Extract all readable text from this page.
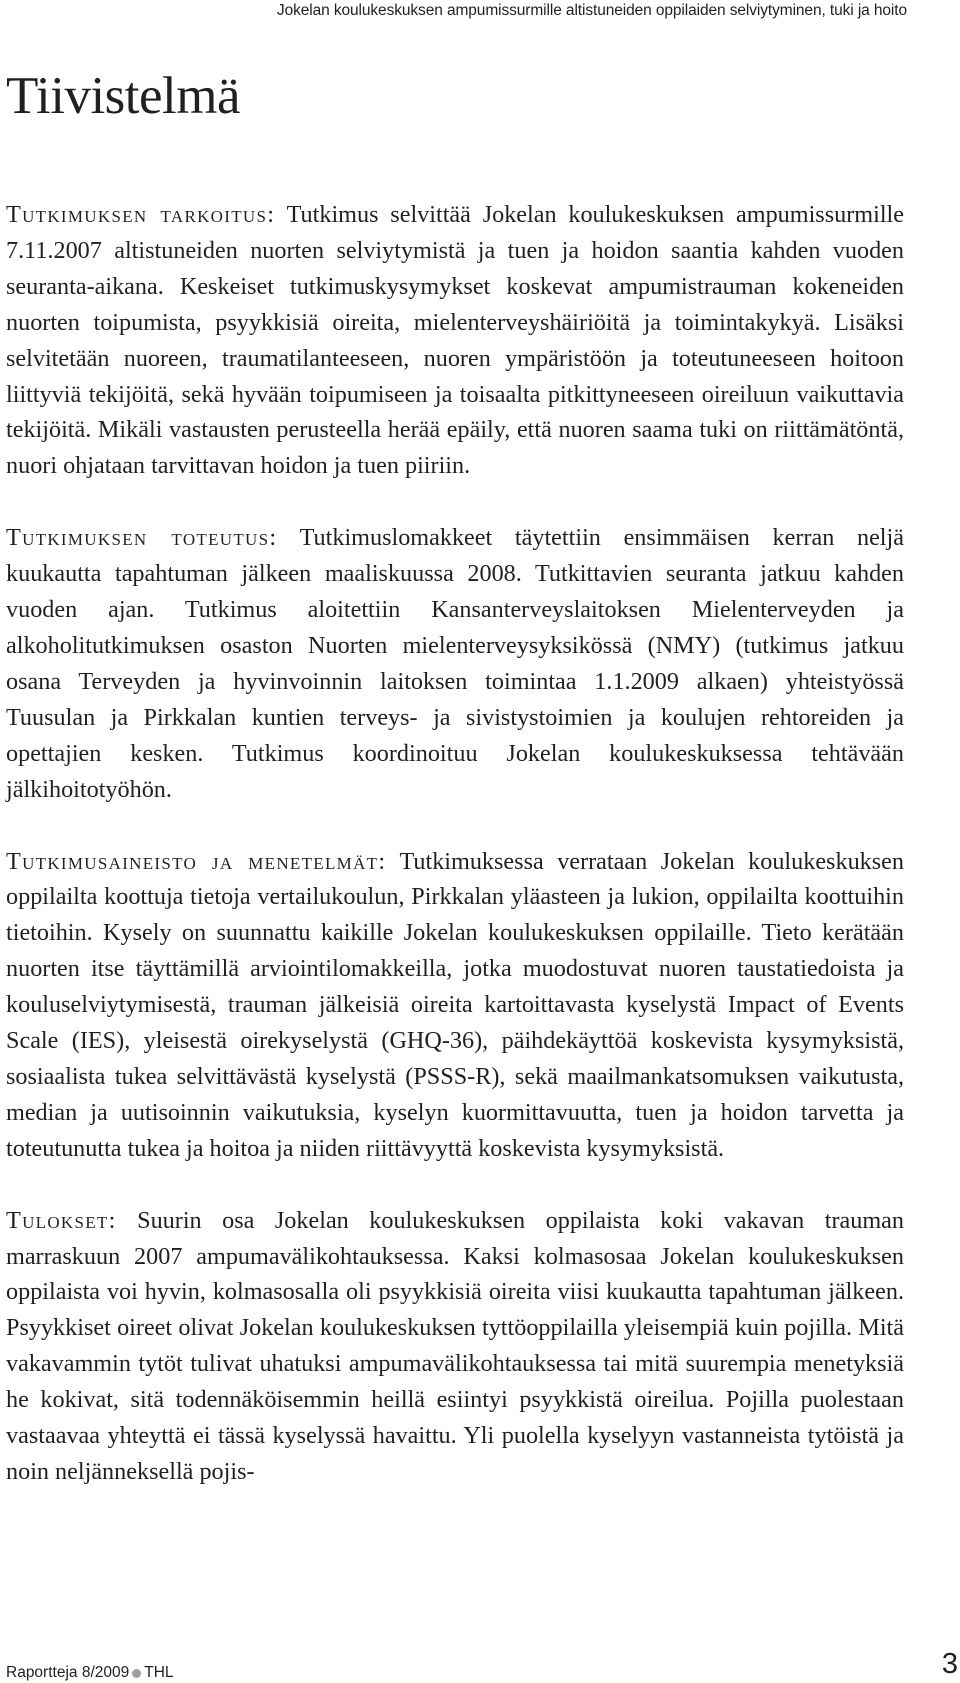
Jokelan koulukeskuksen ampumissurmille altistuneiden oppilaiden selviytyminen, tuki ja hoito
Tiivistelmä

Tutkimuksen tarkoitus: Tutkimus selvittää Jokelan koulukeskuksen ampumissurmille 7.11.2007 altistuneiden nuorten selviytymistä ja tuen ja hoidon saantia kahden vuoden seuranta-aikana. Keskeiset tutkimuskysymykset koskevat ampumistrauman kokeneiden nuorten toipumista, psyykkisiä oireita, mielenterveyshäiriöitä ja toimintakykyä. Lisäksi selvitetään nuoreen, traumatilanteeseen, nuoren ympäristöön ja toteutuneeseen hoitoon liittyviä tekijöitä, sekä hyvään toipumiseen ja toisaalta pitkittyneeseen oireiluun vaikuttavia tekijöitä. Mikäli vastausten perusteella herää epäily, että nuoren saama tuki on riittämätöntä, nuori ohjataan tarvittavan hoidon ja tuen piiriin.

Tutkimuksen toteutus: Tutkimuslomakkeet täytettiin ensimmäisen kerran neljä kuukautta tapahtuman jälkeen maaliskuussa 2008. Tutkittavien seuranta jatkuu kahden vuoden ajan. Tutkimus aloitettiin Kansanterveyslaitoksen Mielenterveyden ja alkoholitutkimuksen osaston Nuorten mielenterveysyksikössä (NMY) (tutkimus jatkuu osana Terveyden ja hyvinvoinnin laitoksen toimintaa 1.1.2009 alkaen) yhteistyössä Tuusulan ja Pirkkalan kuntien terveys- ja sivistystoimien ja koulujen rehtoreiden ja opettajien kesken. Tutkimus koordinoituu Jokelan koulukeskuksessa tehtävään jälkihoitotyöhön.

Tutkimusaineisto ja menetelmät: Tutkimuksessa verrataan Jokelan koulukeskuksen oppilailta koottuja tietoja vertailukoulun, Pirkkalan yläasteen ja lukion, oppilailta koottuihin tietoihin. Kysely on suunnattu kaikille Jokelan koulukeskuksen oppilaille. Tieto kerätään nuorten itse täyttämillä arviointilomakkeilla, jotka muodostuvat nuoren taustatiedoista ja kouluselviytymisestä, trauman jälkeisiä oireita kartoittavasta kyselystä Impact of Events Scale (IES), yleisestä oirekyselystä (GHQ-36), päihdekäyttöä koskevista kysymyksistä, sosiaalista tukea selvittävästä kyselystä (PSSS-R), sekä maailmankatsomuksen vaikutusta, median ja uutisoinnin vaikutuksia, kyselyn kuormittavuutta, tuen ja hoidon tarvetta ja toteutunutta tukea ja hoitoa ja niiden riittävyyttä koskevista kysymyksistä.

Tulokset: Suurin osa Jokelan koulukeskuksen oppilaista koki vakavan trauman marraskuun 2007 ampumavälikohtauksessa. Kaksi kolmasosaa Jokelan koulukeskuksen oppilaista voi hyvin, kolmasosalla oli psyykkisiä oireita viisi kuukautta tapahtuman jälkeen. Psyykkiset oireet olivat Jokelan koulukeskuksen tyttöoppilailla yleisempiä kuin pojilla. Mitä vakavammin tytöt tulivat uhatuksi ampumavälikohtauksessa tai mitä suurempia menetyksiä he kokivat, sitä todennäköisemmin heillä esiintyi psyykkistä oireilua. Pojilla puolestaan vastaavaa yhteyttä ei tässä kyselyssä havaittu. Yli puolella kyselyyn vastanneista tytöistä ja noin neljänneksellä pojis-

Raportteja 8/2009 THL	3
